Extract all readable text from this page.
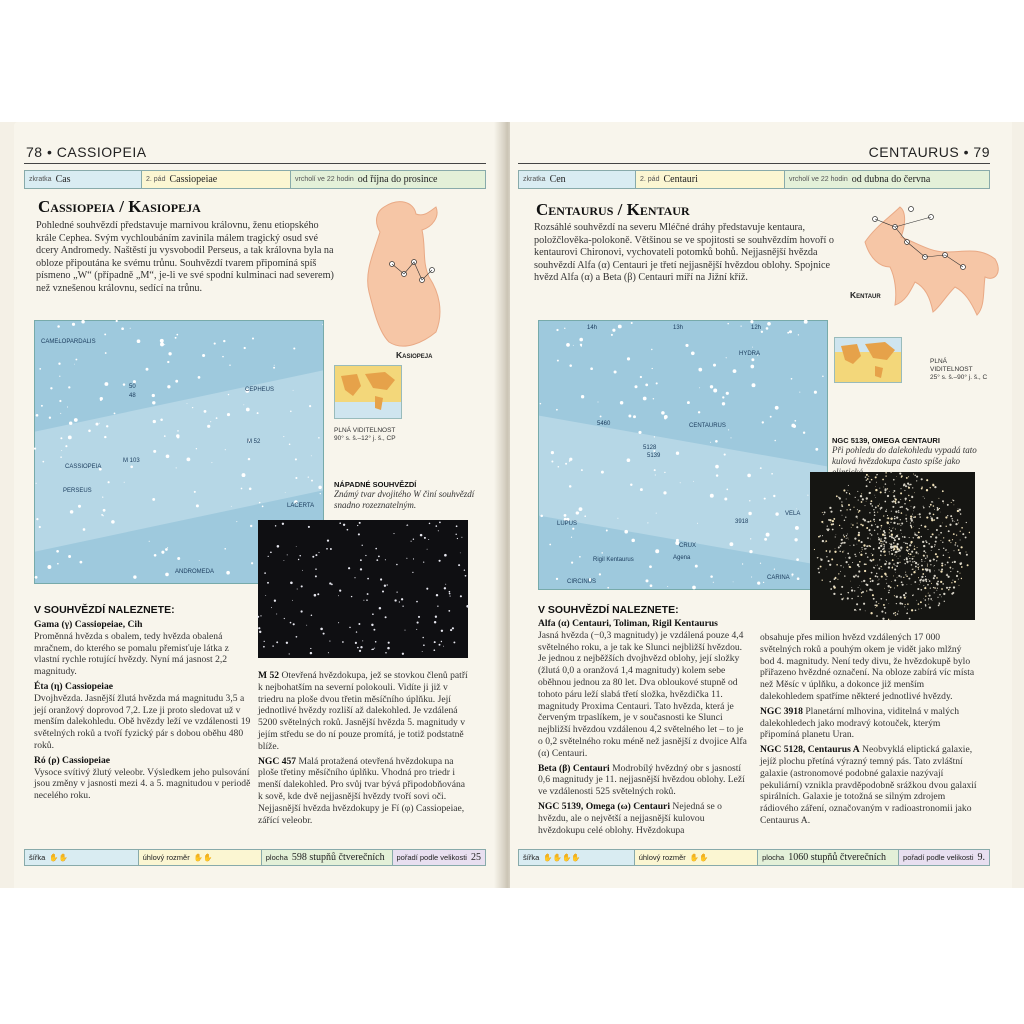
78 • CASSIOPEIA
zkratka Cas	2. pád Cassiopeiae	vrcholí ve 22 hodin od října do prosince
Cassiopeia / Kasiopeja
Pohledné souhvězdí představuje marnivou královnu, ženu etiopského krále Cephea. Svým vychloubáním zavinila málem tragický osud své dcery Andromedy. Naštěstí ju vysvobodil Perseus, a tak královna byla na obloze připoutána ke svému trůnu. Souhvězdí tvarem připomíná spíš písmeno „W“ (případně „M“, je-li ve své spodní kulminaci nad severem) než vznešenou královnu, sedící na trůnu.
Kasiopeja
CAMELOPARDALIS
CEPHEUS
CASSIOPEIA
PERSEUS
LACERTA
ANDROMEDA
M 103
M 52
50
48
PLNÁ VIDITELNOST
90° s. š.–12° j. š., CP
NÁPADNÉ SOUHVĚZDÍ
Známý tvar dvojitého W činí souhvězdí snadno rozeznatelným.
V SOUHVĚZDÍ NALEZNETE:

Gama (γ) Cassiopeiae, Cih
Proměnná hvězda s obalem, tedy hvězda obalená mračnem, do kterého se pomalu přemisťuje látka z vlastní rychle rotující hvězdy. Nyní má jasnost 2,2 magnitudy.

Éta (η) Cassiopeiae
Dvojhvězda. Jasnější žlutá hvězda má magnitudu 3,5 a její oranžový doprovod 7,2. Lze ji proto sledovat už v menším dalekohledu. Obě hvězdy leží ve vzdálenosti 19 světelných roků a tvoří fyzický pár s dobou oběhu 480 roků.

Ró (ρ) Cassiopeiae
Vysoce svítivý žlutý veleobr. Výsledkem jeho pulsování jsou změny v jasnosti mezi 4. a 5. magnitudou v periodě necelého roku.

M 52 Otevřená hvězdokupa, jež se stovkou členů patří k nejbohatším na severní polokouli. Vidíte ji již v triedru na ploše dvou třetin měsíčního úplňku. Její jednotlivé hvězdy rozliší až dalekohled. Je vzdálená 5200 světelných roků. Jasnější hvězda 5. magnitudy v jejím středu se do ní pouze promítá, je totiž podstatně blíže.

NGC 457 Malá protažená otevřená hvězdokupa na ploše třetiny měsíčního úplňku. Vhodná pro triedr i menší dalekohled. Pro svůj tvar bývá připodobňována k sově, kde dvě nejjasnější hvězdy tvoří sovi oči. Nejjasnější hvězda hvězdokupy je Fí (φ) Cassiopeiae, zářící veleobr.

šířka ✋✋	úhlový rozměr ✋✋	plocha 598 stupňů čtverečních pořadí podle velikosti 25
CENTAURUS • 79
zkratka Cen	2. pád Centauri	vrcholí ve 22 hodin od dubna do června
Centaurus / Kentaur
Rozsáhlé souhvězdí na severu Mléčné dráhy představuje kentaura, položčlověka-polokoně. Většinou se ve spojitosti se souhvězdím hovoří o kentaurovi Chironovi, vychovateli potomků bohů. Nejjasnější hvězda souhvězdí Alfa (α) Centauri je třetí nejjasnější hvězdou oblohy. Spojnice hvězd Alfa (α) a Beta (β) Centauri míří na Jižní kříž.
Kentaur
HYDRA
CENTAURUS
LUPUS
CRUX
VELA
CARINA
CIRCINUS
Rigil Kentaurus	Agena
5128
5139
3918
5460
14h	13h	12h
PLNÁ VIDITELNOST
25° s. š.–90° j. š., C
NGC 5139, OMEGA CENTAURI
Při pohledu do dalekohledu vypadá tato kulová hvězdokupa často spíše jako
V SOUHVĚZDÍ NALEZNETE:

Alfa (α) Centauri, Toliman, Rigil Kentaurus
Jasná hvězda (−0,3 magnitudy) je vzdálená pouze 4,4 světelného roku, a je tak ke Slunci nejbližší hvězdou. Je jednou z nejběžších dvojhvězd oblohy, její složky (žlutá 0,0 a oranžová 1,4 magnitudy) kolem sebe oběhnou jednou za 80 let. Dva obloukové stupně od tohoto páru leží slabá třetí složka, hvězdička 11. magnitudy Proxima Centauri. Tato hvězda, která je červeným trpaslíkem, je v současnosti ke Slunci nejbližší hvězdou vzdálenou 4,2 světelného let – to je o 0,2 světelného roku méně než jasnější z dvojice Alfa (α) Centauri.

Beta (β) Centauri Modrobílý hvězdný obr s jasností 0,6 magnitudy je 11. nejjasnější hvězdou oblohy. Leží ve vzdálenosti 525 světelných roků.

NGC 5139, Omega (ω) Centauri Nejedná se o hvězdu, ale o největší a nejjasnější kulovou hvězdokupu celé oblohy. Hvězdokupa

obsahuje přes milion hvězd vzdálených 17 000 světelných roků a pouhým okem je vidět jako mlžný bod 4. magnitudy. Není tedy divu, že hvězdokupě bylo přiřazeno hvězdné označení. Na obloze zabírá víc místa než Měsíc v úplňku, a dokonce již menším dalekohledem spatříme některé jednotlivé hvězdy.

NGC 3918 Planetární mlhovina, viditelná v malých dalekohledech jako modravý kotouček, kterým připomíná planetu Uran.

NGC 5128, Centaurus A Neobvyklá eliptická galaxie, jejíž plochu přetíná výrazný temný pás. Tato zvláštní galaxie (astronomové podobné galaxie nazývají pekuliární) vznikla pravděpodobně srážkou dvou galaxií spirálních. Galaxie je totožná se silným zdrojem rádiového záření, označovaným v radioastronomii jako Centaurus A.

šířka ✋✋✋✋	úhlový rozměr ✋✋	plocha 1060 stupňů čtverečních pořadí podle velikosti 9.
